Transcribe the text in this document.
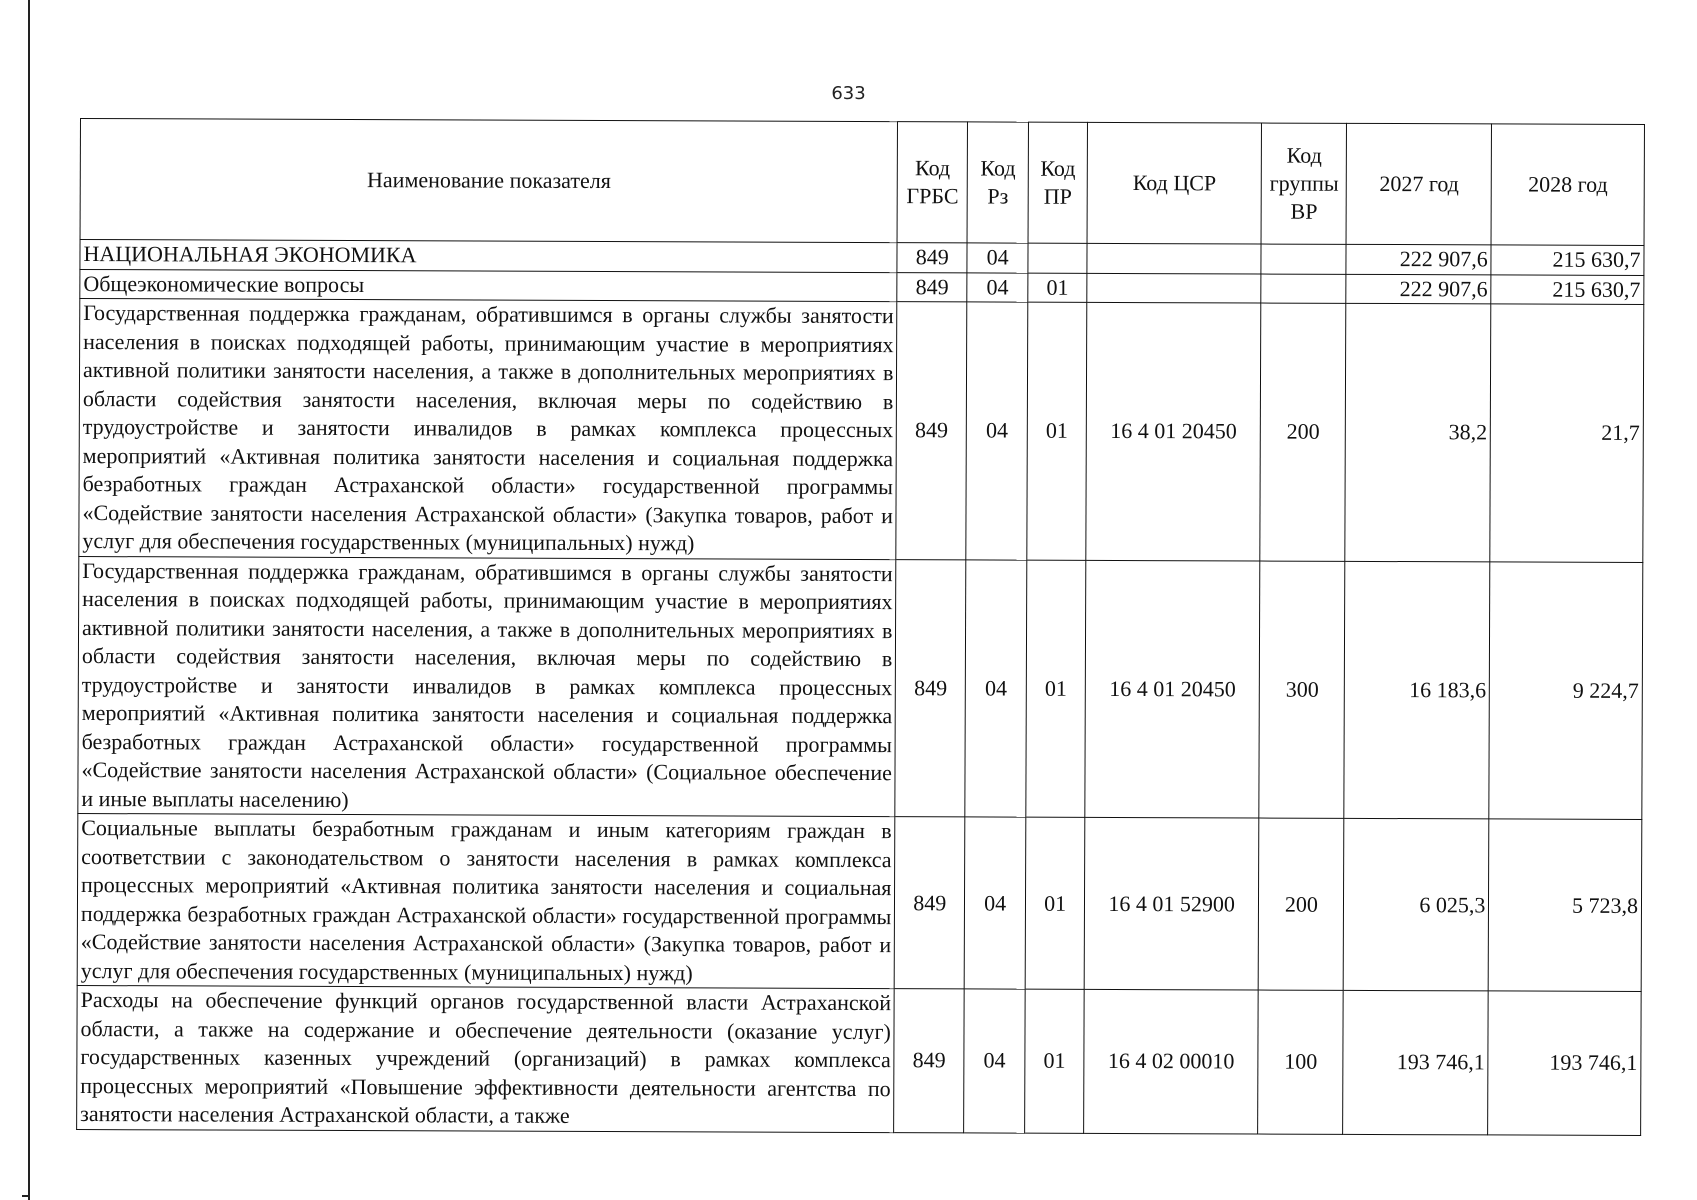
633
Наименование показателя	Код ГРБС	Код Рз	Код ПР	Код ЦСР	Код группы ВР	2027 год	2028 год
НАЦИОНАЛЬНАЯ ЭКОНОМИКА	849	04				222 907,6	215 630,7
Общеэкономические вопросы	849	04	01			222 907,6	215 630,7
Государственная поддержка гражданам, обратившимся в органы службы занятости населения в поисках подходящей работы, принимающим участие в мероприятиях активной политики занятости населения, а также в дополнительных мероприятиях в области содействия занятости населения, включая меры по содействию в трудоустройстве и занятости инвалидов в рамках комплекса процессных мероприятий «Активная политика занятости населения и социальная поддержка безработных граждан Астраханской области» государственной программы «Содействие занятости населения Астраханской области» (Закупка товаров, работ и услуг для обеспечения государственных (муниципальных) нужд)	849	04	01	16 4 01 20450	200	38,2	21,7
Государственная поддержка гражданам, обратившимся в органы службы занятости населения в поисках подходящей работы, принимающим участие в мероприятиях активной политики занятости населения, а также в дополнительных мероприятиях в области содействия занятости населения, включая меры по содействию в трудоустройстве и занятости инвалидов в рамках комплекса процессных мероприятий «Активная политика занятости населения и социальная поддержка безработных граждан Астраханской области» государственной программы «Содействие занятости населения Астраханской области» (Социальное обеспечение и иные выплаты населению)	849	04	01	16 4 01 20450	300	16 183,6	9 224,7
Социальные выплаты безработным гражданам и иным категориям граждан в соответствии с законодательством о занятости населения в рамках комплекса процессных мероприятий «Активная политика занятости населения и социальная поддержка безработных граждан Астраханской области» государственной программы «Содействие занятости населения Астраханской области» (Закупка товаров, работ и услуг для обеспечения государственных (муниципальных) нужд)	849	04	01	16 4 01 52900	200	6 025,3	5 723,8
Расходы на обеспечение функций органов государственной власти Астраханской области, а также на содержание и обеспечение деятельности (оказание услуг) государственных казенных учреждений (организаций) в рамках комплекса процессных мероприятий «Повышение эффективности деятельности агентства по занятости населения Астраханской области, а также	849	04	01	16 4 02 00010	100	193 746,1	193 746,1
